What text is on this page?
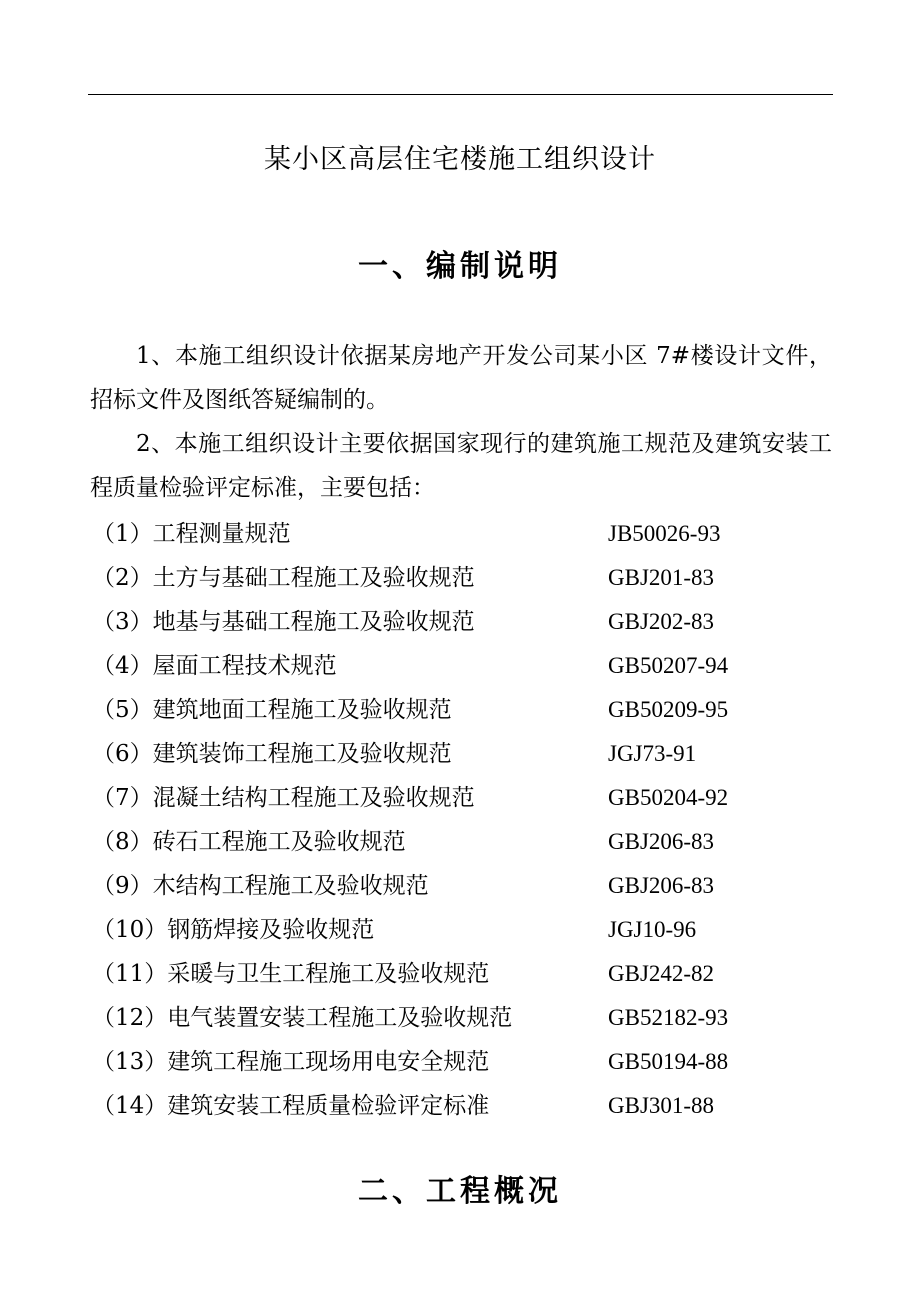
某小区高层住宅楼施工组织设计
一、编制说明
1、本施工组织设计依据某房地产开发公司某小区 7#楼设计文件，招标文件及图纸答疑编制的。
2、本施工组织设计主要依据国家现行的建筑施工规范及建筑安装工程质量检验评定标准，主要包括：
（1）工程测量规范	JB50026-93
（2）土方与基础工程施工及验收规范	GBJ201-83
（3）地基与基础工程施工及验收规范	GBJ202-83
（4）屋面工程技术规范	GB50207-94
（5）建筑地面工程施工及验收规范	GB50209-95
（6）建筑装饰工程施工及验收规范	JGJ73-91
（7）混凝土结构工程施工及验收规范	GB50204-92
（8）砖石工程施工及验收规范	GBJ206-83
（9）木结构工程施工及验收规范	GBJ206-83
（10）钢筋焊接及验收规范	JGJ10-96
（11）采暖与卫生工程施工及验收规范	GBJ242-82
（12）电气装置安装工程施工及验收规范	GB52182-93
（13）建筑工程施工现场用电安全规范	GB50194-88
（14）建筑安装工程质量检验评定标准	GBJ301-88
二、工程概况
